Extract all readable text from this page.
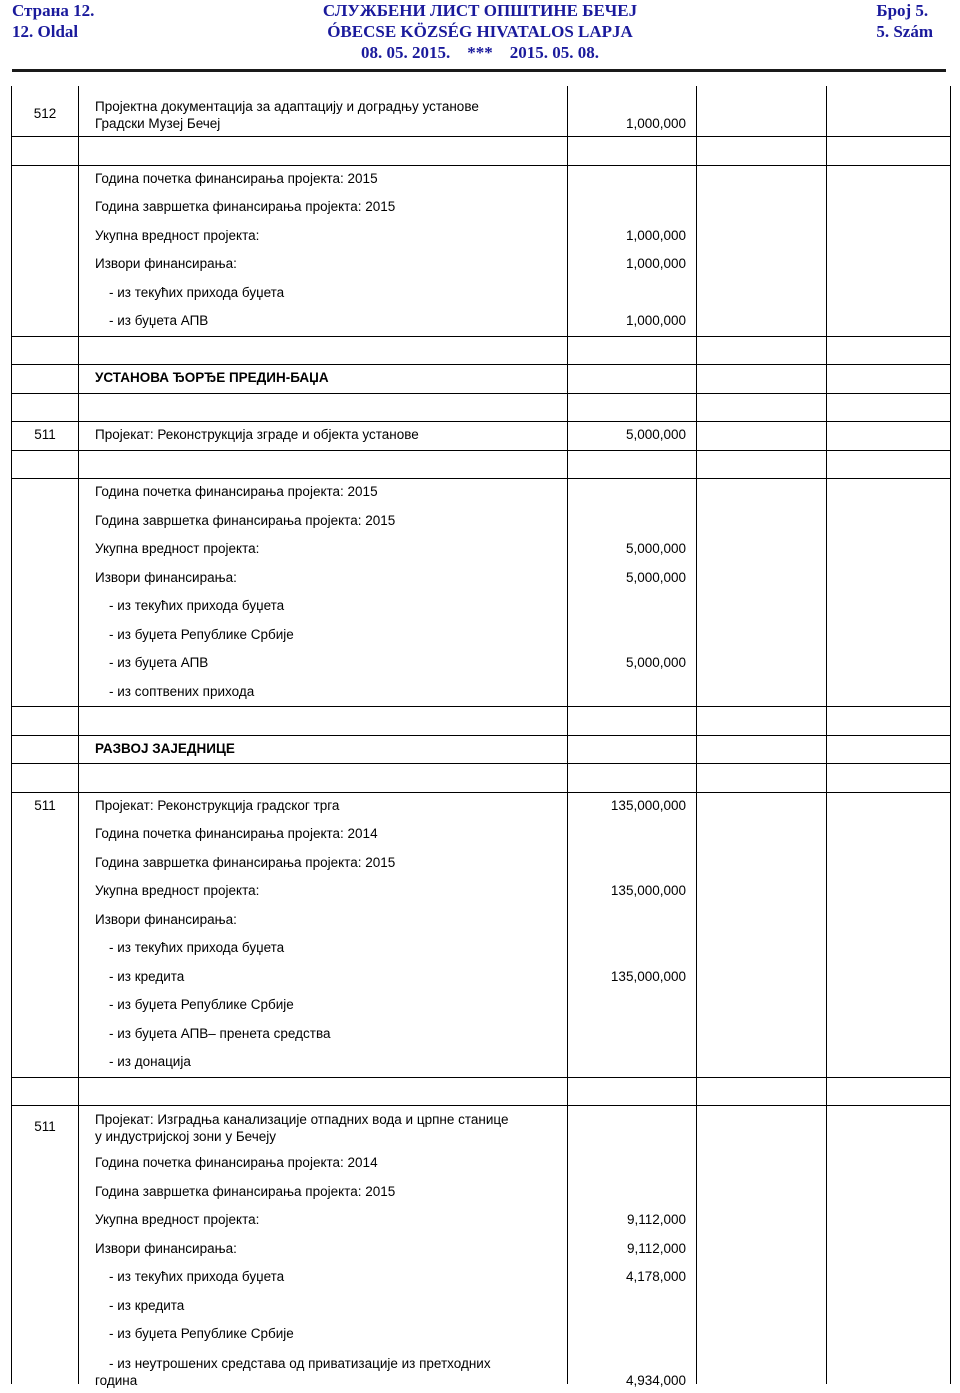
Страна 12.
12. Oldal
СЛУЖБЕНИ ЛИСТ ОПШТИНЕ БЕЧЕЈ
ÓBECSE KÖZSÉG HIVATALOS LAPJA
08. 05. 2015.    ***    2015. 05. 08.
Број 5.
5. Szám
512	Пројектна документација за адаптацију и доградњу установе
Градски Музеј Бечеј	1,000,000
Година почетка финансирања пројекта: 2015
Година завршетка финансирања пројекта: 2015
Укупна вредност пројекта:	1,000,000
Извори финансирања:	1,000,000
- из текућих прихода буџета
- из буџета АПВ	1,000,000
УСТАНОВА ЂОРЂЕ ПРЕДИН-БАЏА
511	Пројекат: Реконструкција зграде и објекта установе	5,000,000
Година почетка финансирања пројекта: 2015
Година завршетка финансирања пројекта: 2015
Укупна вредност пројекта:	5,000,000
Извори финансирања:	5,000,000
- из текућих прихода буџета
- из буџета Републике Србије
- из буџета АПВ	5,000,000
- из соптвених прихода
РАЗВОЈ ЗАЈЕДНИЦЕ
511	Пројекат: Реконструкција градског трга	135,000,000
Година почетка финансирања пројекта: 2014
Година завршетка финансирања пројекта: 2015
Укупна вредност пројекта:	135,000,000
Извори финансирања:
- из текућих прихода буџета
- из кредита	135,000,000
- из буџета Републике Србије
- из буџета АПВ– пренета средства
- из донација
511	Пројекат: Изградња канализације отпадних вода и црпне станице
у индустријској зони у Бечеју
Година почетка финансирања пројекта: 2014
Година завршетка финансирања пројекта: 2015
Укупна вредност пројекта:	9,112,000
Извори финансирања:	9,112,000
- из текућих прихода буџета	4,178,000
- из кредита
- из буџета Републике Србије
- из неутрошених средстава од приватизације из претходних
година	4,934,000
